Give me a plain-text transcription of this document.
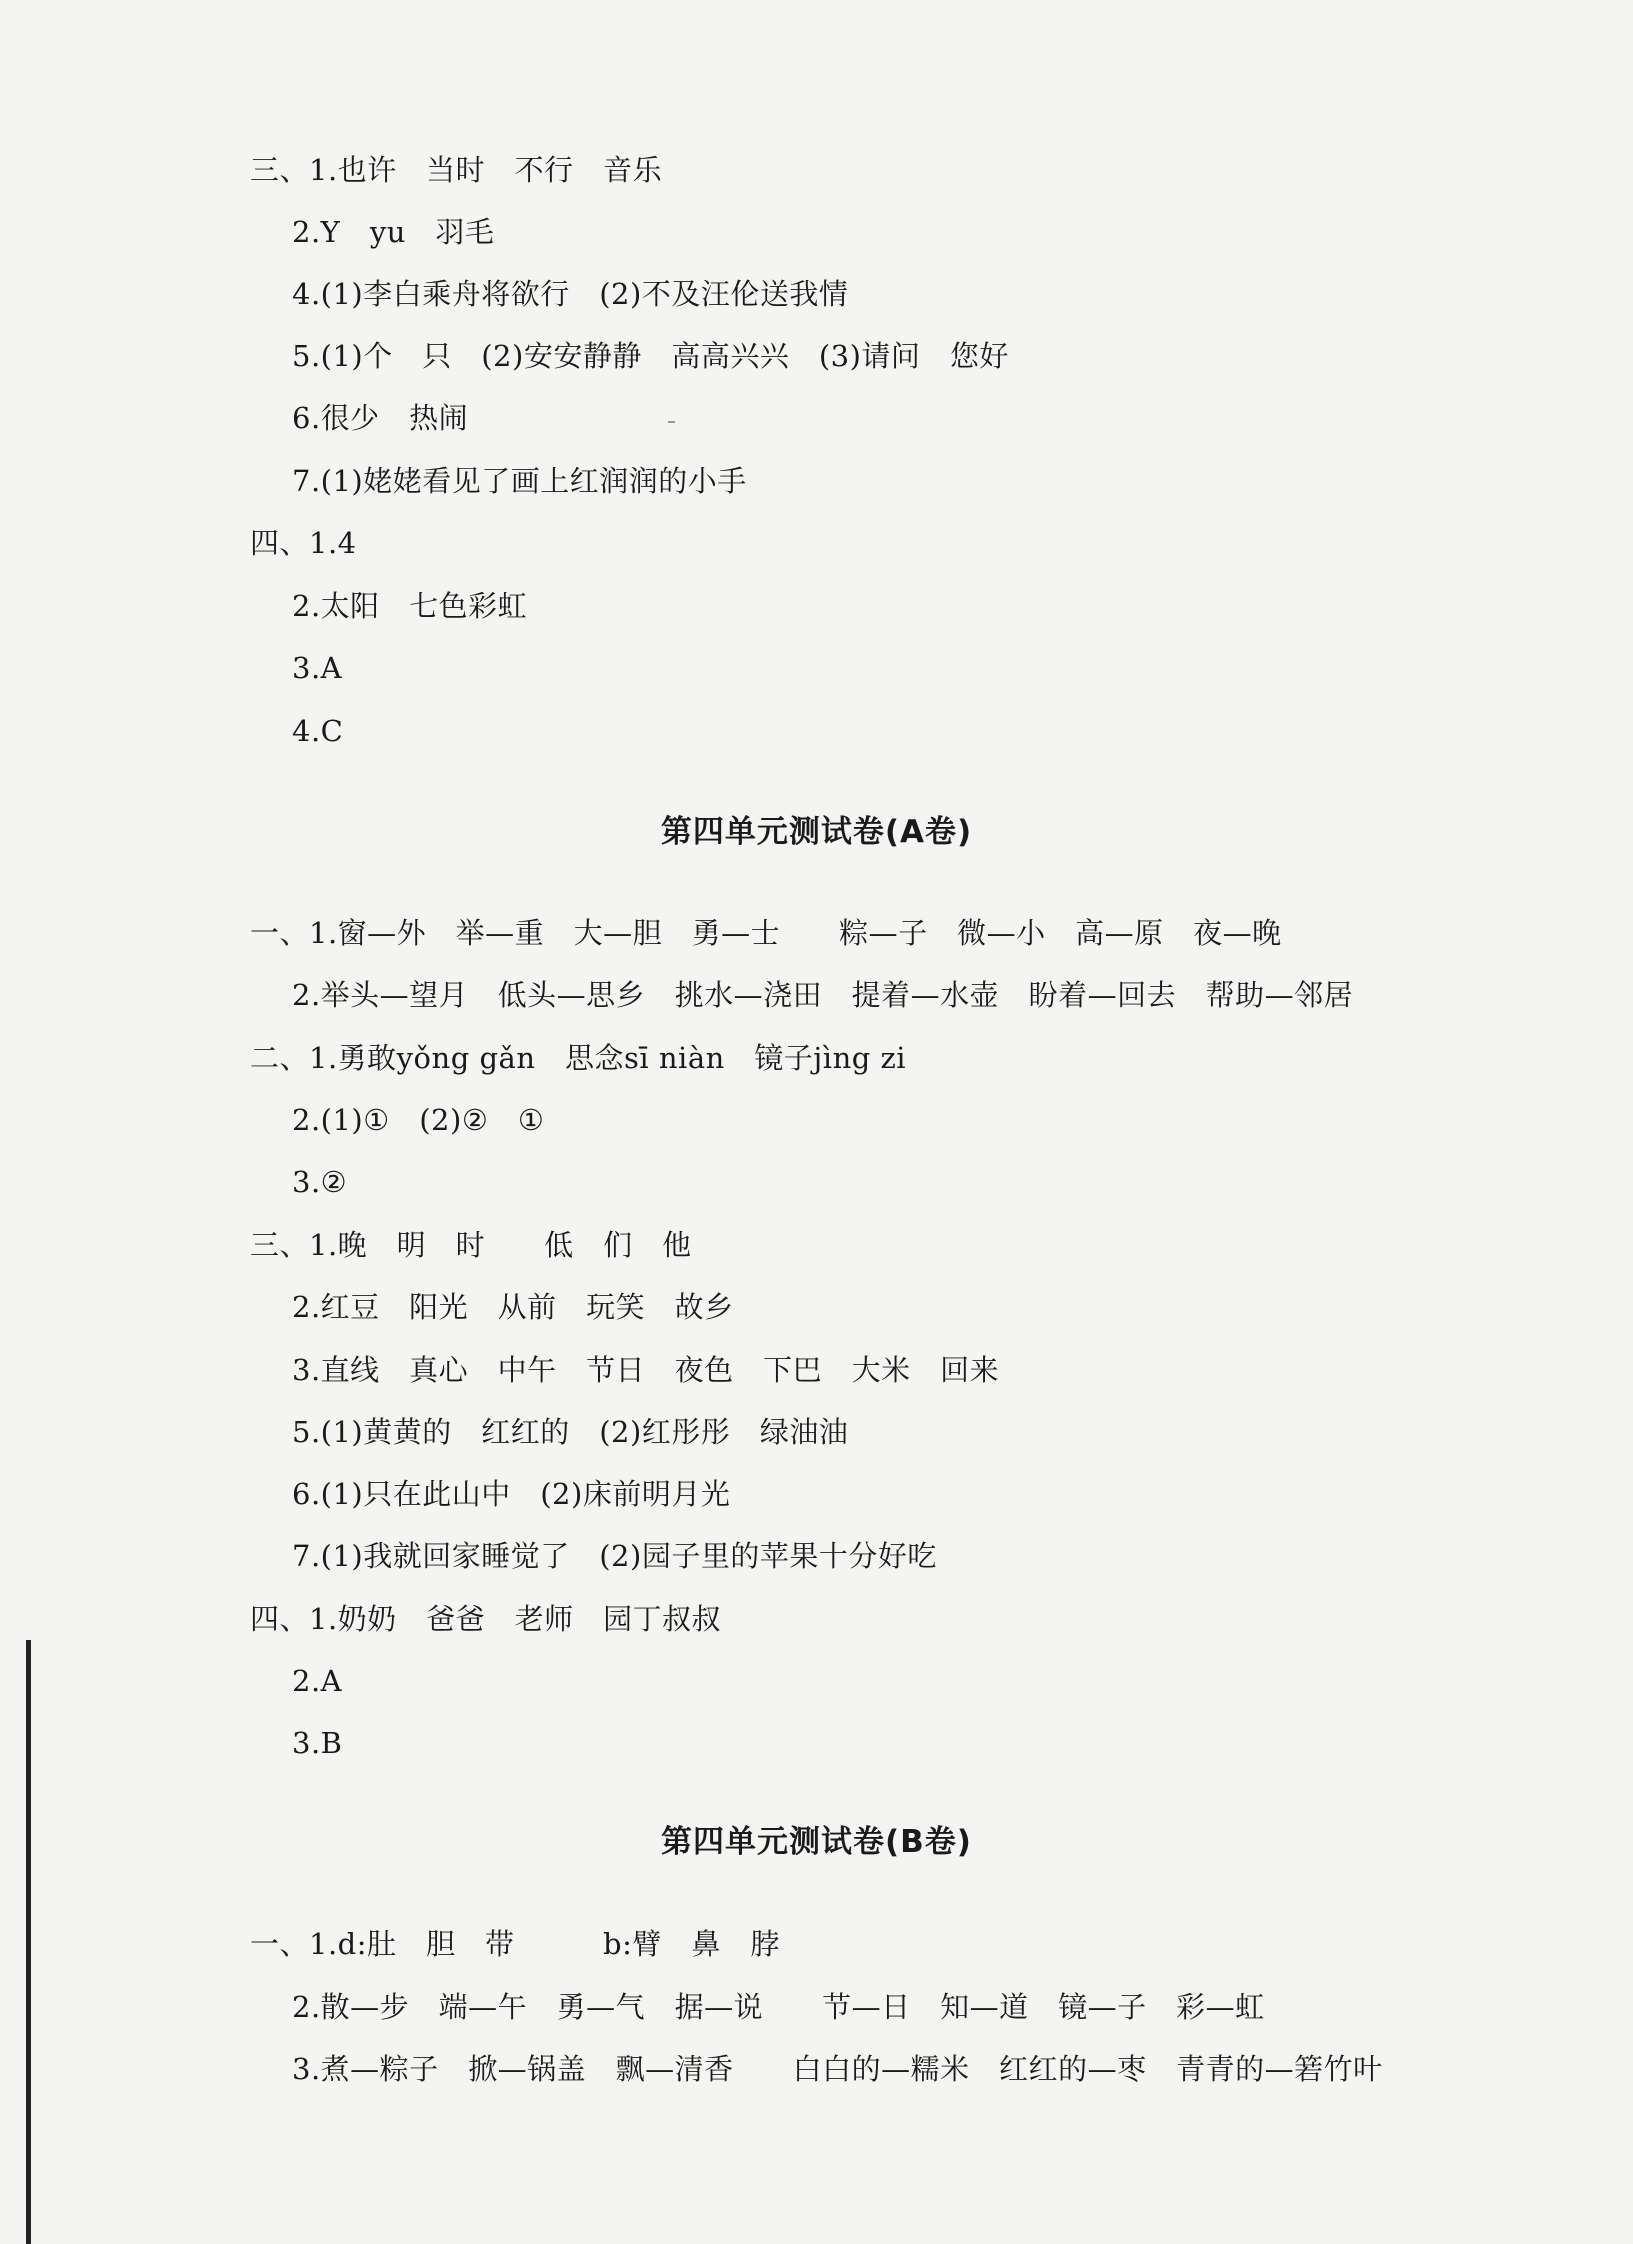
三、1.也许　当时　不行　音乐
2.Y　yu　羽毛
4.(1)李白乘舟将欲行　(2)不及汪伦送我情
5.(1)个　只　(2)安安静静　高高兴兴　(3)请问　您好
6.很少　热闹
7.(1)姥姥看见了画上红润润的小手
四、1.4
2.太阳　七色彩虹
3.A
4.C
第四单元测试卷(A卷)
一、1.窗—外　举—重　大—胆　勇—士　　粽—子　微—小　高—原　夜—晚
2.举头—望月　低头—思乡　挑水—浇田　提着—水壶　盼着—回去　帮助—邻居
二、1.勇敢yǒng gǎn　思念sī niàn　镜子jìng zi
2.(1)①　(2)②　①
3.②
三、1.晚　明　时　　低　们　他
2.红豆　阳光　从前　玩笑　故乡
3.直线　真心　中午　节日　夜色　下巴　大米　回来
5.(1)黄黄的　红红的　(2)红彤彤　绿油油
6.(1)只在此山中　(2)床前明月光
7.(1)我就回家睡觉了　(2)园子里的苹果十分好吃
四、1.奶奶　爸爸　老师　园丁叔叔
2.A
3.B
第四单元测试卷(B卷)
一、1.d:肚　胆　带　　　b:臂　鼻　脖
2.散—步　端—午　勇—气　据—说　　节—日　知—道　镜—子　彩—虹
3.煮—粽子　掀—锅盖　飘—清香　　白白的—糯米　红红的—枣　青青的—箬竹叶
